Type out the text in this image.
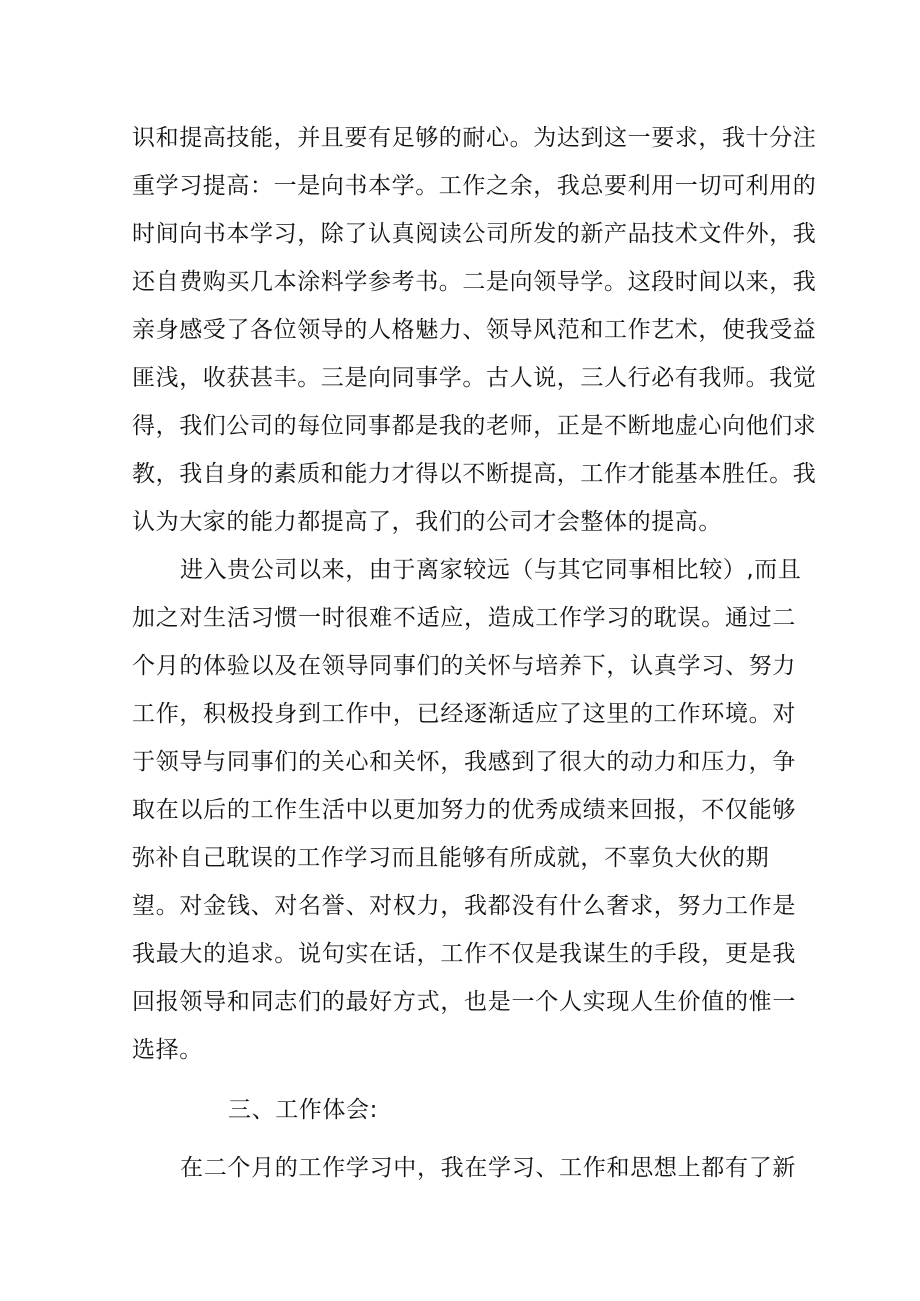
识和提高技能，并且要有足够的耐心。为达到这一要求，我十分注
重学习提高：一是向书本学。工作之余，我总要利用一切可利用的
时间向书本学习，除了认真阅读公司所发的新产品技术文件外，我
还自费购买几本涂料学参考书。二是向领导学。这段时间以来，我
亲身感受了各位领导的人格魅力、领导风范和工作艺术，使我受益
匪浅，收获甚丰。三是向同事学。古人说，三人行必有我师。我觉
得，我们公司的每位同事都是我的老师，正是不断地虚心向他们求
教，我自身的素质和能力才得以不断提高，工作才能基本胜任。我
认为大家的能力都提高了，我们的公司才会整体的提高。
进入贵公司以来，由于离家较远（与其它同事相比较）,而且
加之对生活习惯一时很难不适应，造成工作学习的耽误。通过二
个月的体验以及在领导同事们的关怀与培养下，认真学习、努力
工作，积极投身到工作中，已经逐渐适应了这里的工作环境。对
于领导与同事们的关心和关怀，我感到了很大的动力和压力，争
取在以后的工作生活中以更加努力的优秀成绩来回报，不仅能够
弥补自己耽误的工作学习而且能够有所成就，不辜负大伙的期
望。对金钱、对名誉、对权力，我都没有什么奢求，努力工作是
我最大的追求。说句实在话，工作不仅是我谋生的手段，更是我
回报领导和同志们的最好方式，也是一个人实现人生价值的惟一
选择。
三、工作体会:
在二个月的工作学习中，我在学习、工作和思想上都有了新
